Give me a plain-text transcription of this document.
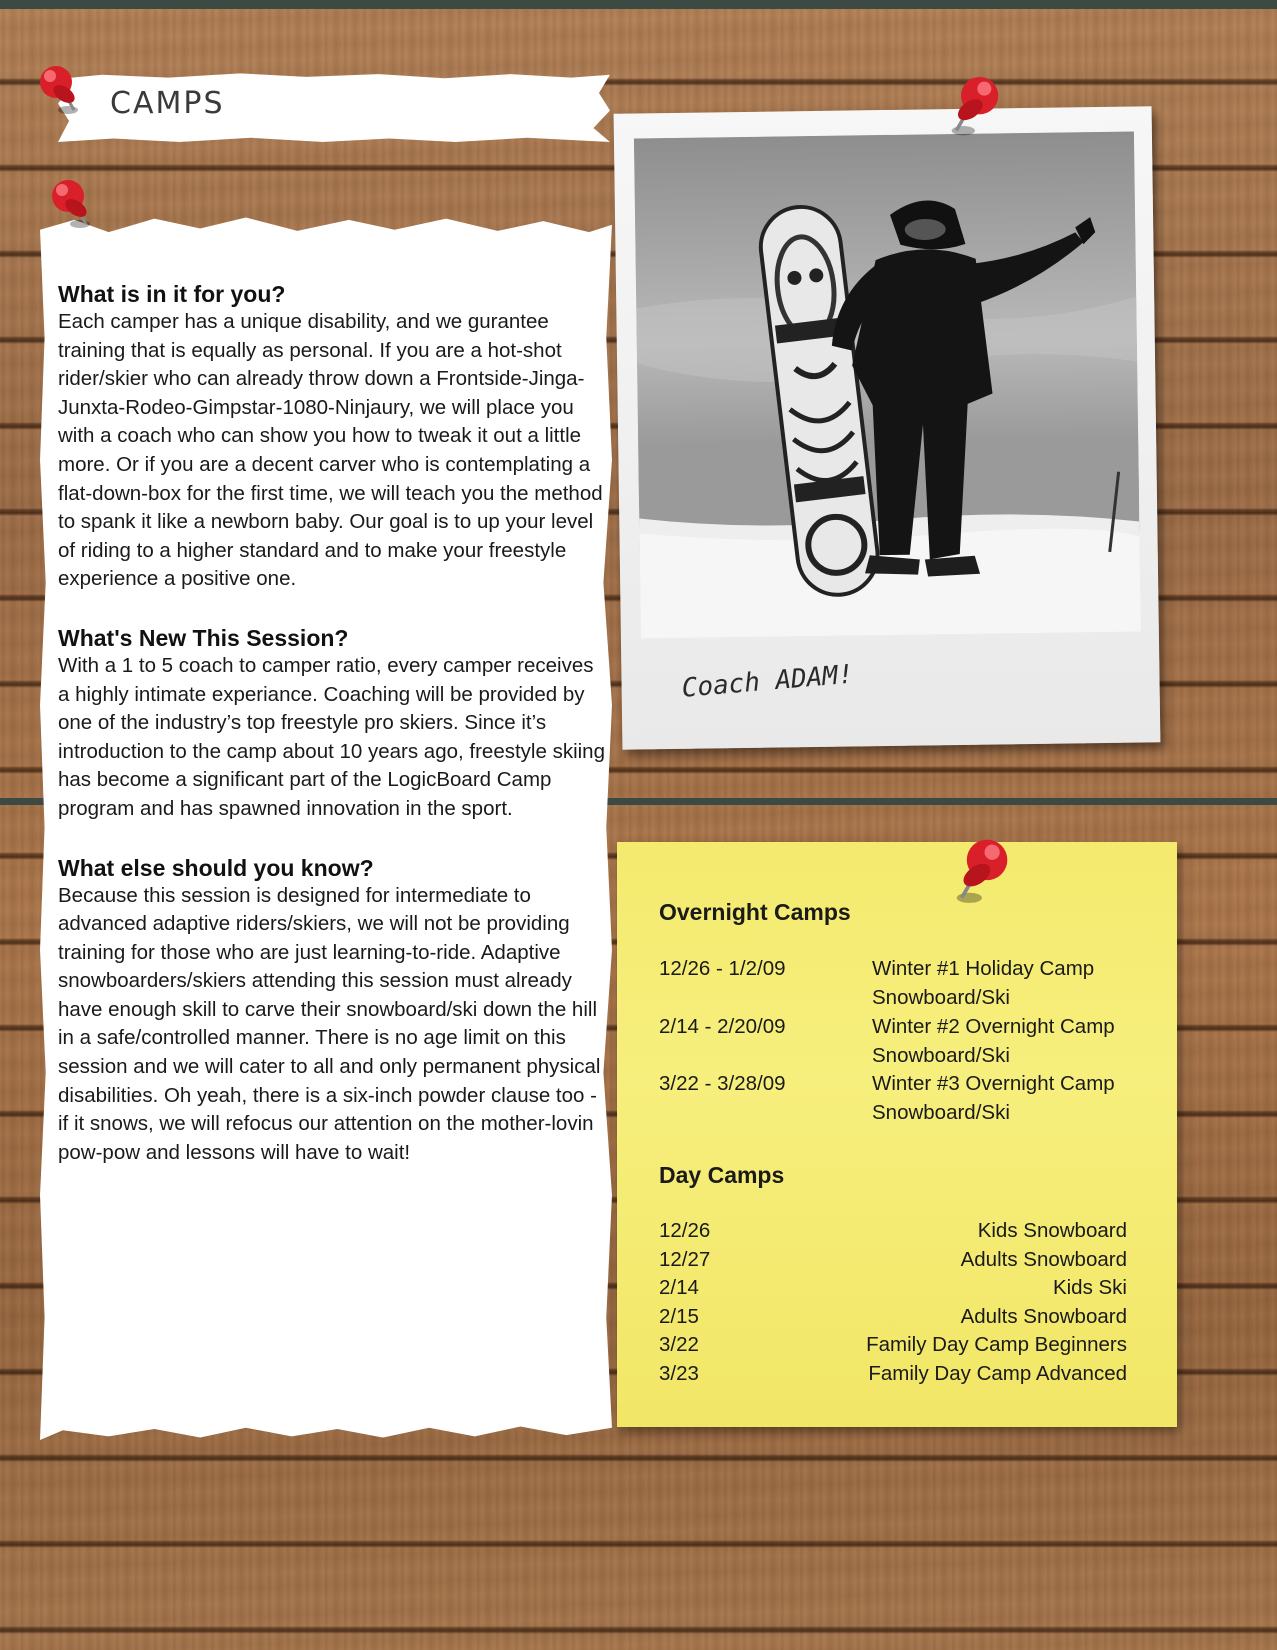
CAMPS
What is in it for you?

Each camper has a unique disability, and we gurantee training that is equally as personal. If you are a hot-shot rider/skier who can already throw down a Frontside-Jinga-Junxta-Rodeo-Gimpstar-1080-Ninjaury, we will place you with a coach who can show you how to tweak it out a little more. Or if you are a decent carver who is contemplating a flat-down-box for the first time, we will teach you the method to spank it like a newborn baby. Our goal is to up your level of riding to a higher standard and to make your freestyle experience a positive one.

What's New This Session?

With a 1 to 5 coach to camper ratio, every camper receives a highly intimate experiance. Coaching will be provided by one of the industry’s top freestyle pro skiers. Since it’s introduction to the camp about 10 years ago, freestyle skiing has become a significant part of the LogicBoard Camp program and has spawned innovation in the sport.

What else should you know?

Because this session is designed for intermediate to advanced adaptive riders/skiers, we will not be providing training for those who are just learning-to-ride. Adaptive snowboarders/skiers attending this session must already have enough skill to carve their snowboard/ski down the hill in a safe/controlled manner. There is no age limit on this session and we will cater to all and only permanent physical disabilities. Oh yeah, there is a six-inch powder clause too - if it snows, we will refocus our attention on the mother-lovin pow-pow and lessons will have to wait!

Coach ADAM!
Overnight Camps
12/26 - 1/2/09	Winter #1 Holiday Camp
Snowboard/Ski
2/14 - 2/20/09	Winter #2 Overnight Camp
Snowboard/Ski
3/22 - 3/28/09	Winter #3 Overnight Camp
Snowboard/Ski
Day Camps
12/26	Kids Snowboard
12/27	Adults Snowboard
2/14	Kids Ski
2/15	Adults Snowboard
3/22	Family Day Camp Beginners
3/23	Family Day Camp Advanced
